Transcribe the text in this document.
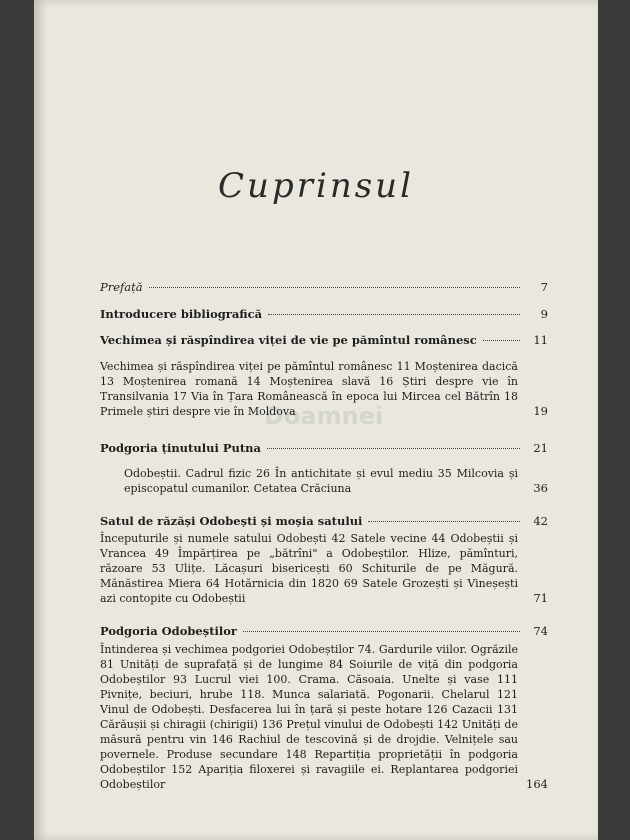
Cuprinsul
Doamnei
Prefață	7
Introducere bibliografică	9
Vechimea și răspîndirea viței de vie pe pămîntul românesc	11
Vechimea și răspîndirea viței pe pămîntul românesc 11 Moștenirea dacică 13 Moștenirea romană 14 Moștenirea slavă 16 Știri despre vie în Transilvania 17 Via în Țara Românească în epoca lui Mircea cel Bătrîn 18 Primele știri despre vie în Moldova	19
Podgoria ținutului Putna	21
Odobeștii. Cadrul fizic 26 În antichitate și evul mediu 35 Milcovia și episcopatul cumanilor. Cetatea Crăciuna	36
Satul de răzăși Odobești și moșia satului	42
Începuturile și numele satului Odobești 42 Satele vecine 44 Odobeștii și Vrancea 49 Împărțirea pe „bătrîni" a Odobeștilor. Hlize, pămînturi, răzoare 53 Ulițe. Lăcașuri bisericești 60 Schiturile de pe Măgură. Mănăstirea Miera 64 Hotărnicia din 1820 69 Satele Grozești și Vineșești azi contopite cu Odobeștii	71
Podgoria Odobeștilor	74
Întinderea și vechimea podgoriei Odobeștilor 74. Gardurile viilor. Ogrăzile 81 Unități de suprafață și de lungime 84 Soiurile de viță din podgoria Odobeștilor 93 Lucrul viei 100. Crama. Căsoaia. Unelte și vase 111 Pivnițe, beciuri, hrube 118. Munca salariată. Pogonarii. Chelarul 121 Vinul de Odobești. Desfacerea lui în țară și peste hotare 126 Cazacii 131 Cărăușii și chiragii (chirigii) 136 Prețul vinului de Odobești 142 Unități de măsură pentru vin 146 Rachiul de tescovină și de drojdie. Velnițele sau povernele. Produse secundare 148 Repartiția proprietății în podgoria Odobeștilor 152 Apariția filoxerei și ravagiile ei. Replantarea podgoriei Odobeștilor	164
